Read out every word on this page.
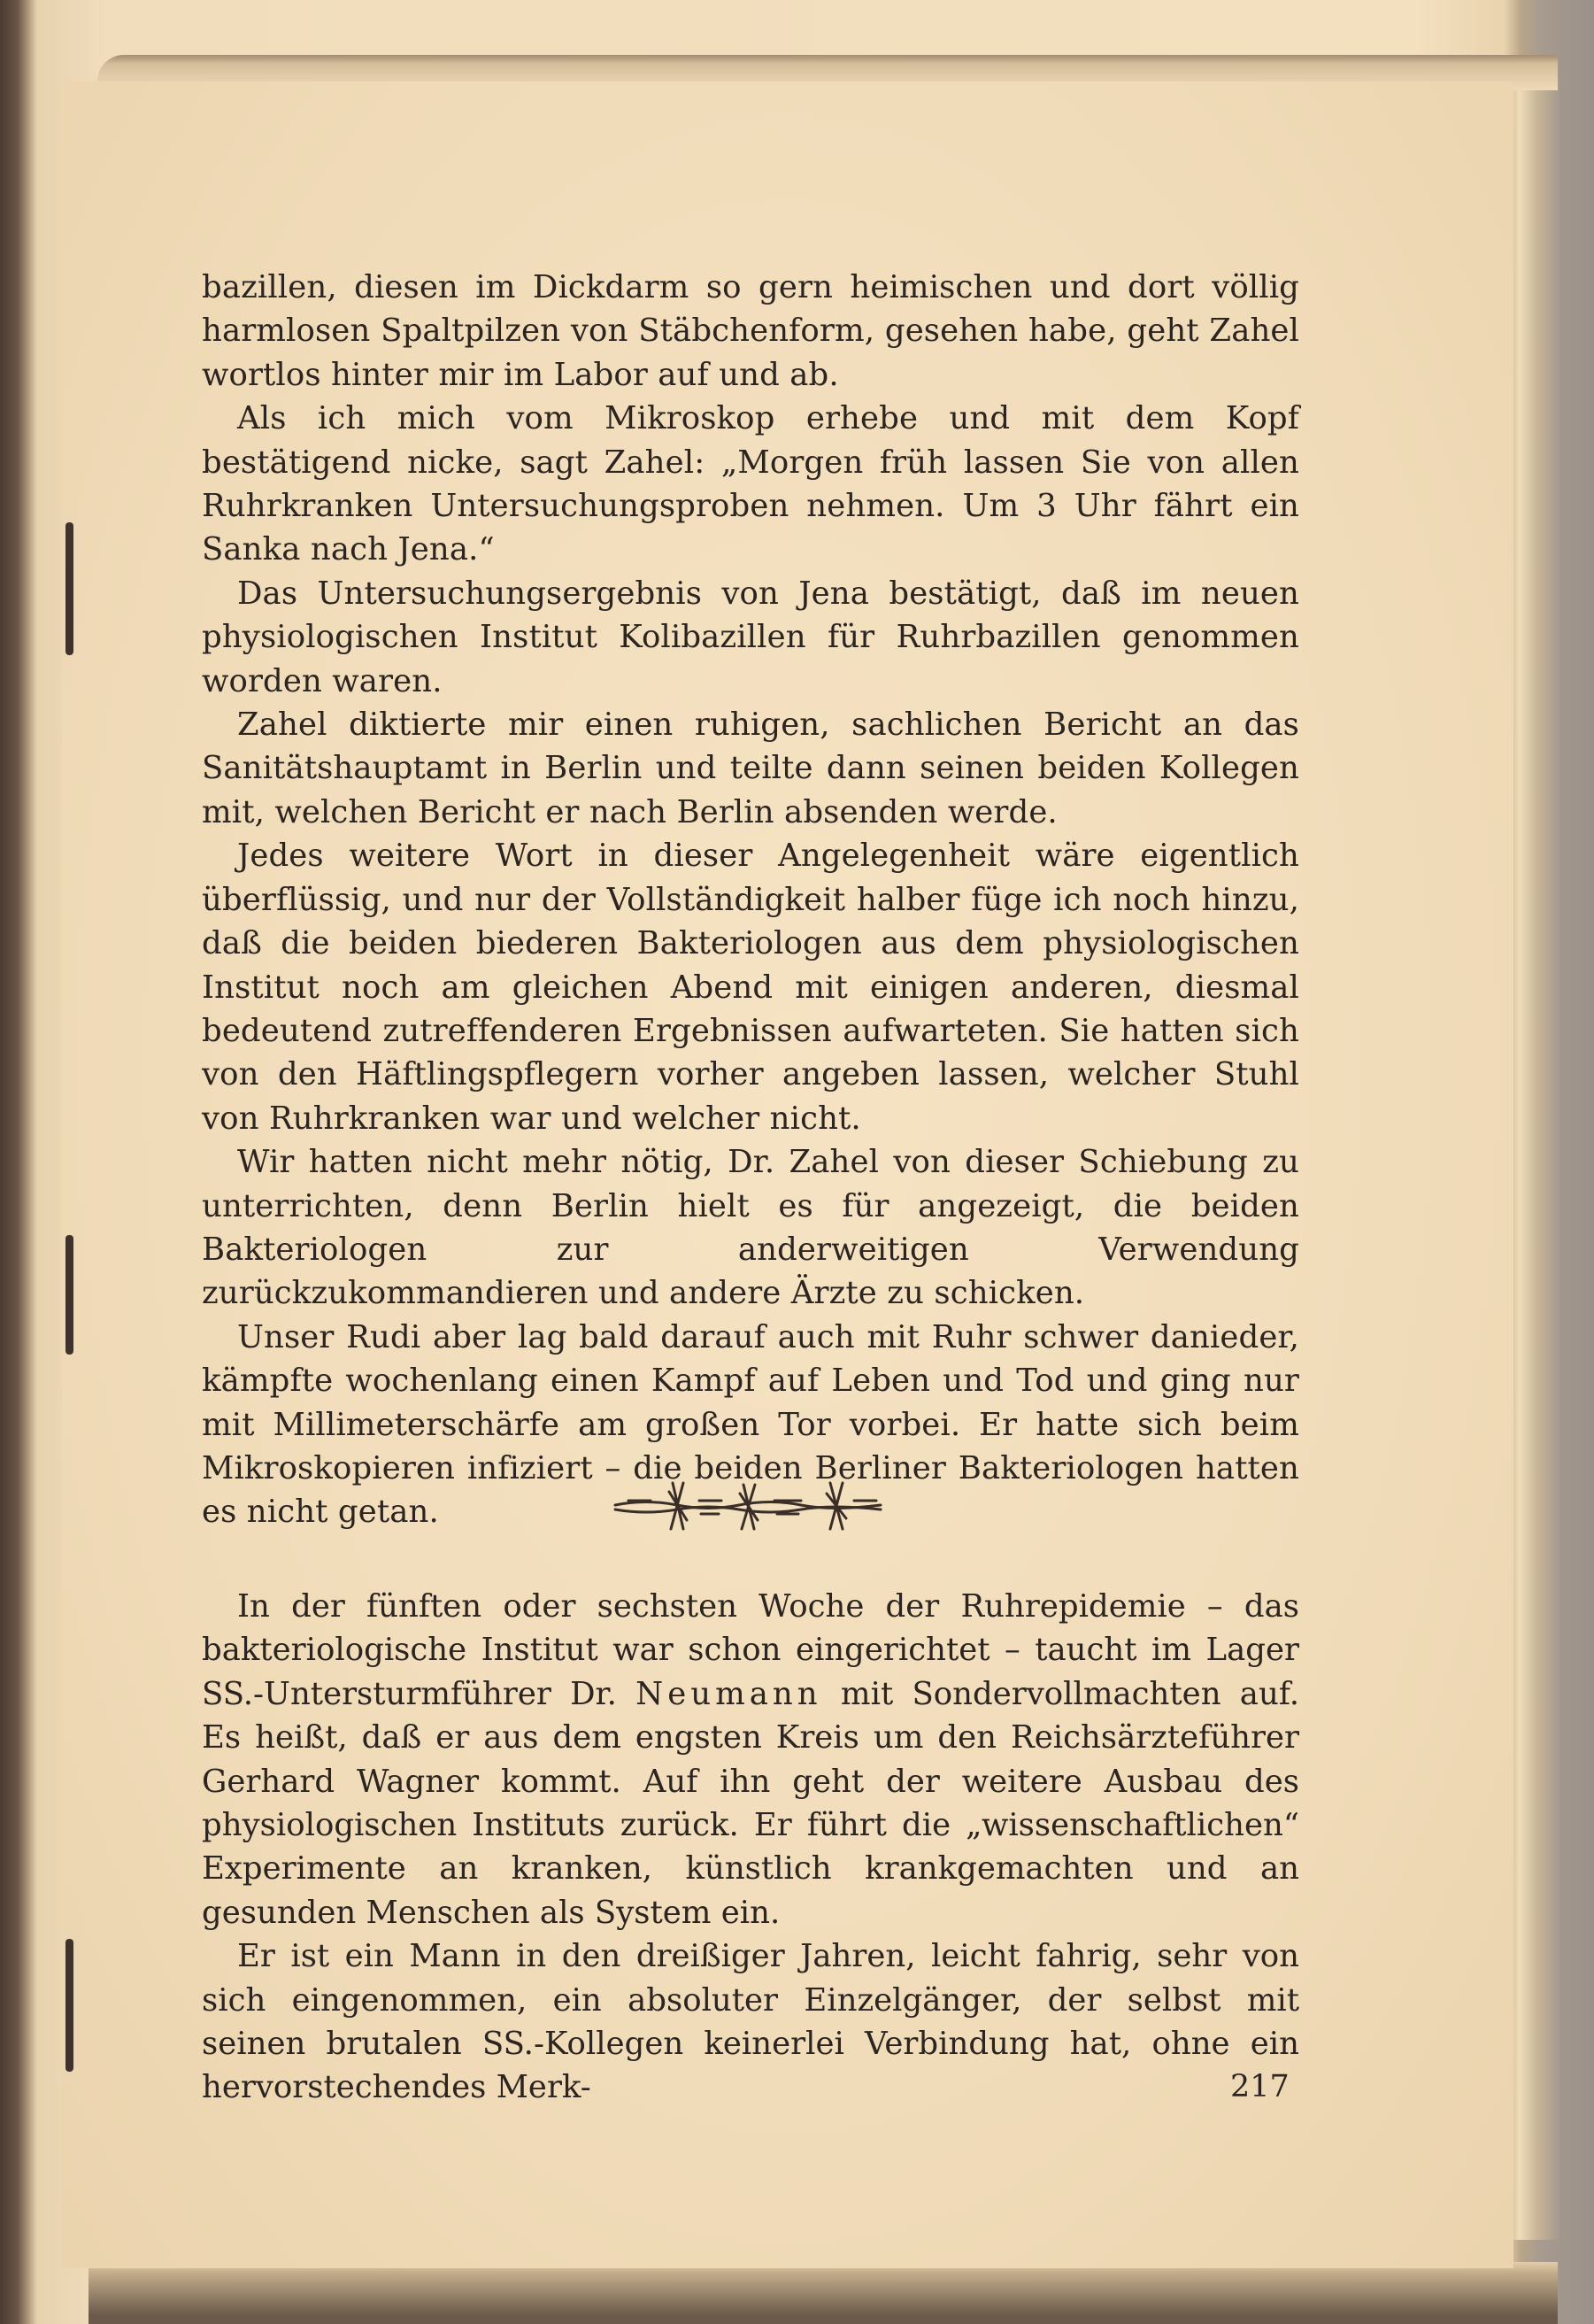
bazillen, diesen im Dickdarm so gern heimischen und dort völlig harmlosen Spaltpilzen von Stäbchenform, gesehen habe, geht Zahel wortlos hinter mir im Labor auf und ab.

Als ich mich vom Mikroskop erhebe und mit dem Kopf bestätigend nicke, sagt Zahel: „Morgen früh lassen Sie von allen Ruhrkranken Untersuchungsproben nehmen. Um 3 Uhr fährt ein Sanka nach Jena.“

Das Untersuchungsergebnis von Jena bestätigt, daß im neuen physiologischen Institut Kolibazillen für Ruhrbazillen genommen worden waren.

Zahel diktierte mir einen ruhigen, sachlichen Bericht an das Sanitätshauptamt in Berlin und teilte dann seinen beiden Kollegen mit, welchen Bericht er nach Berlin absenden werde.

Jedes weitere Wort in dieser Angelegenheit wäre eigentlich überflüssig, und nur der Vollständigkeit halber füge ich noch hinzu, daß die beiden biederen Bakteriologen aus dem physiologischen Institut noch am gleichen Abend mit einigen anderen, diesmal bedeutend zutreffenderen Ergebnissen aufwarteten. Sie hatten sich von den Häftlingspflegern vorher angeben lassen, welcher Stuhl von Ruhrkranken war und welcher nicht.

Wir hatten nicht mehr nötig, Dr. Zahel von dieser Schiebung zu unterrichten, denn Berlin hielt es für angezeigt, die beiden Bakteriologen zur anderweitigen Verwendung zurückzukommandieren und andere Ärzte zu schicken.

Unser Rudi aber lag bald darauf auch mit Ruhr schwer danieder, kämpfte wochenlang einen Kampf auf Leben und Tod und ging nur mit Millimeterschärfe am großen Tor vorbei. Er hatte sich beim Mikroskopieren infiziert – die beiden Berliner Bakteriologen hatten es nicht getan.

In der fünften oder sechsten Woche der Ruhrepidemie – das bakteriologische Institut war schon eingerichtet – taucht im Lager SS.-Untersturmführer Dr. Neumann mit Sondervollmachten auf. Es heißt, daß er aus dem engsten Kreis um den Reichsärzteführer Gerhard Wagner kommt. Auf ihn geht der weitere Ausbau des physiologischen Instituts zurück. Er führt die „wissenschaftlichen“ Experimente an kranken, künstlich krankgemachten und an gesunden Menschen als System ein.

Er ist ein Mann in den dreißiger Jahren, leicht fahrig, sehr von sich eingenommen, ein absoluter Einzelgänger, der selbst mit seinen brutalen SS.-Kollegen keinerlei Verbindung hat, ohne ein hervorstechendes Merk-	217
